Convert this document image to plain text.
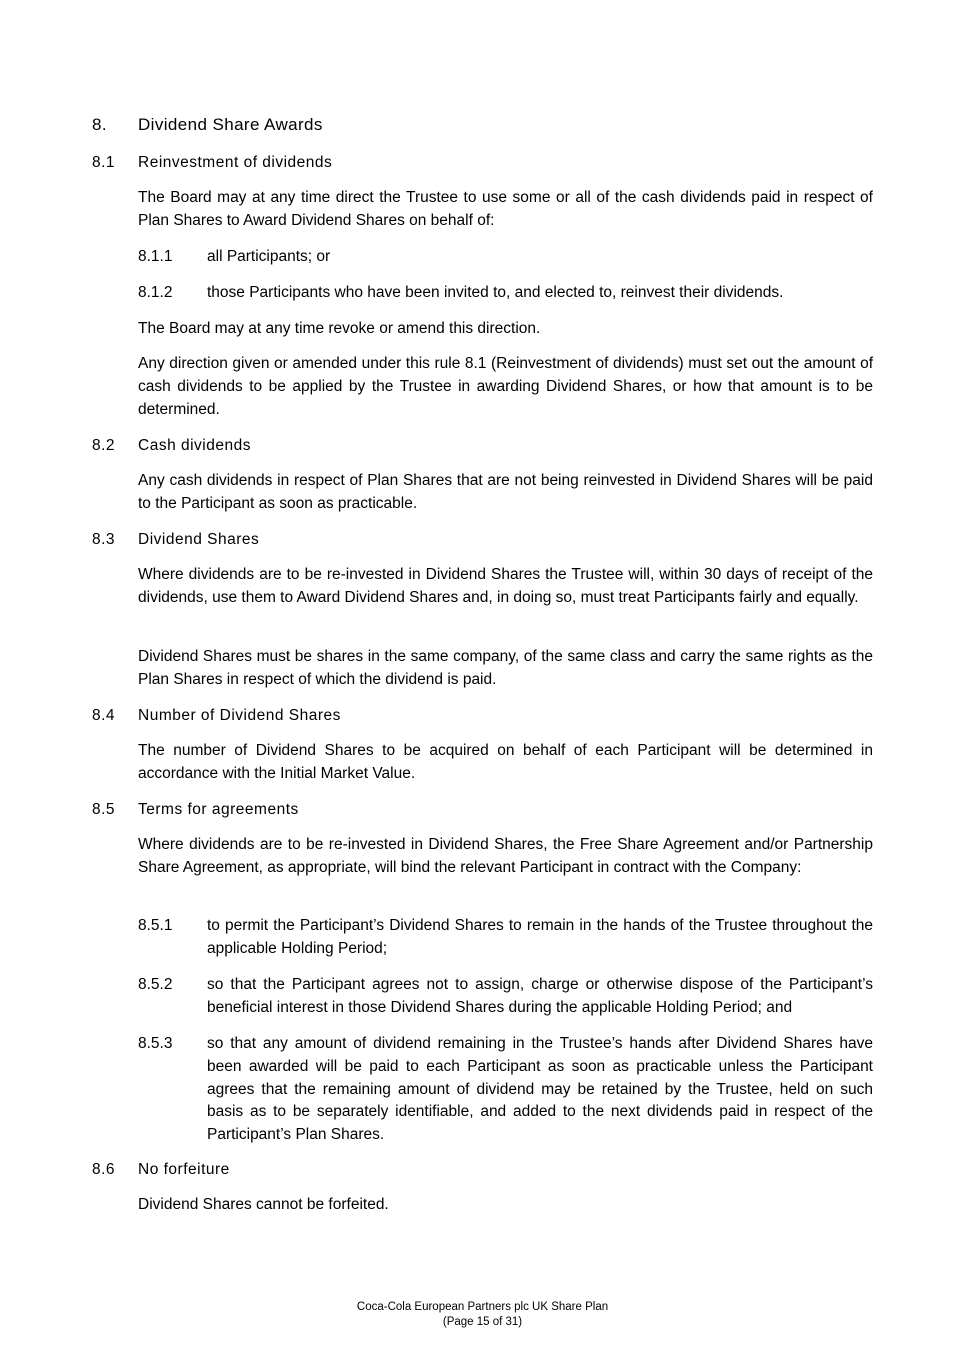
8. Dividend Share Awards
8.1 Reinvestment of dividends
The Board may at any time direct the Trustee to use some or all of the cash dividends paid in respect of Plan Shares to Award Dividend Shares on behalf of:
8.1.1 all Participants; or
8.1.2 those Participants who have been invited to, and elected to, reinvest their dividends.
The Board may at any time revoke or amend this direction.
Any direction given or amended under this rule 8.1 (Reinvestment of dividends) must set out the amount of cash dividends to be applied by the Trustee in awarding Dividend Shares, or how that amount is to be determined.
8.2 Cash dividends
Any cash dividends in respect of Plan Shares that are not being reinvested in Dividend Shares will be paid to the Participant as soon as practicable.
8.3 Dividend Shares
Where dividends are to be re-invested in Dividend Shares the Trustee will, within 30 days of receipt of the dividends, use them to Award Dividend Shares and, in doing so, must treat Participants fairly and equally.
Dividend Shares must be shares in the same company, of the same class and carry the same rights as the Plan Shares in respect of which the dividend is paid.
8.4 Number of Dividend Shares
The number of Dividend Shares to be acquired on behalf of each Participant will be determined in accordance with the Initial Market Value.
8.5 Terms for agreements
Where dividends are to be re-invested in Dividend Shares, the Free Share Agreement and/or Partnership Share Agreement, as appropriate, will bind the relevant Participant in contract with the Company:
8.5.1 to permit the Participant’s Dividend Shares to remain in the hands of the Trustee throughout the applicable Holding Period;
8.5.2 so that the Participant agrees not to assign, charge or otherwise dispose of the Participant’s beneficial interest in those Dividend Shares during the applicable Holding Period; and
8.5.3 so that any amount of dividend remaining in the Trustee’s hands after Dividend Shares have been awarded will be paid to each Participant as soon as practicable unless the Participant agrees that the remaining amount of dividend may be retained by the Trustee, held on such basis as to be separately identifiable, and added to the next dividends paid in respect of the Participant’s Plan Shares.
8.6 No forfeiture
Dividend Shares cannot be forfeited.
Coca-Cola European Partners plc UK Share Plan
(Page 15 of 31)
